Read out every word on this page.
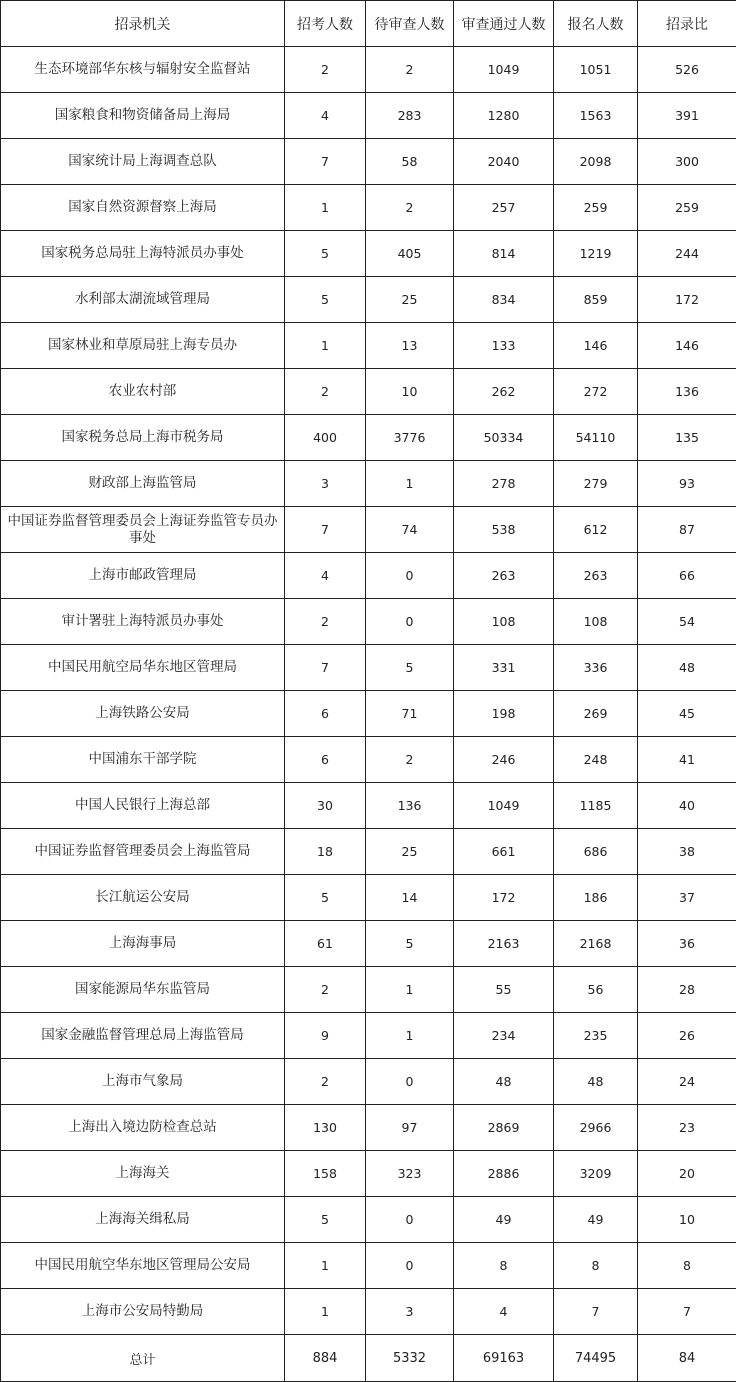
招录机关	招考人数	待审查人数	审查通过人数	报名人数	招录比
生态环境部华东核与辐射安全监督站	2	2	1049	1051	526
国家粮食和物资储备局上海局	4	283	1280	1563	391
国家统计局上海调查总队	7	58	2040	2098	300
国家自然资源督察上海局	1	2	257	259	259
国家税务总局驻上海特派员办事处	5	405	814	1219	244
水利部太湖流域管理局	5	25	834	859	172
国家林业和草原局驻上海专员办	1	13	133	146	146
农业农村部	2	10	262	272	136
国家税务总局上海市税务局	400	3776	50334	54110	135
财政部上海监管局	3	1	278	279	93
中国证券监督管理委员会上海证券监管专员办事处	7	74	538	612	87
上海市邮政管理局	4	0	263	263	66
审计署驻上海特派员办事处	2	0	108	108	54
中国民用航空局华东地区管理局	7	5	331	336	48
上海铁路公安局	6	71	198	269	45
中国浦东干部学院	6	2	246	248	41
中国人民银行上海总部	30	136	1049	1185	40
中国证券监督管理委员会上海监管局	18	25	661	686	38
长江航运公安局	5	14	172	186	37
上海海事局	61	5	2163	2168	36
国家能源局华东监管局	2	1	55	56	28
国家金融监督管理总局上海监管局	9	1	234	235	26
上海市气象局	2	0	48	48	24
上海出入境边防检查总站	130	97	2869	2966	23
上海海关	158	323	2886	3209	20
上海海关缉私局	5	0	49	49	10
中国民用航空华东地区管理局公安局	1	0	8	8	8
上海市公安局特勤局	1	3	4	7	7
总计	884	5332	69163	74495	84
